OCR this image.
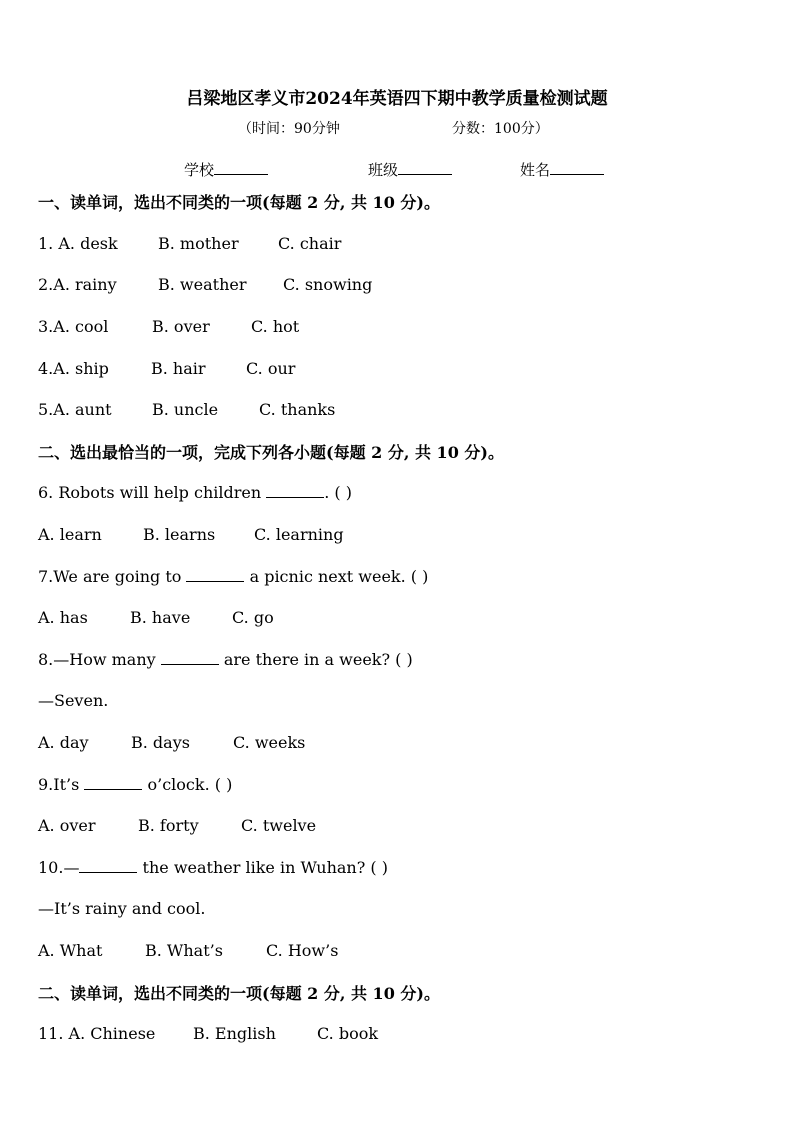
吕梁地区孝义市2024年英语四下期中教学质量检测试题
（时间：90分钟	分数：100分）
学校	班级	姓名
一、读单词，选出不同类的一项(每题 2 分, 共 10 分)。
1. A. desk	B. mother C. chair
2.A. rainy	B. weather C. snowing
3.A. cool	B. over	C. hot
4.A. ship	B. hair	C. our
5.A. aunt	B. uncle	C. thanks
二、选出最恰当的一项，完成下列各小题(每题 2 分, 共 10 分)。
6. Robots will help children	. ( )
A. learn	B. learns C. learning
7.We are going to	a picnic next week. ( )
A. has	B. have	C. go
8.—How many	are there in a week? ( )
—Seven.
A. day	B. days	C. weeks
9.It’s	o’clock. ( )
A. over	B. forty	C. twelve
10.—	the weather like in Wuhan? ( )
—It’s rainy and cool.
A. What	B. What’s	C. How’s
二、读单词，选出不同类的一项(每题 2 分, 共 10 分)。
11. A. Chinese B. English	C. book
